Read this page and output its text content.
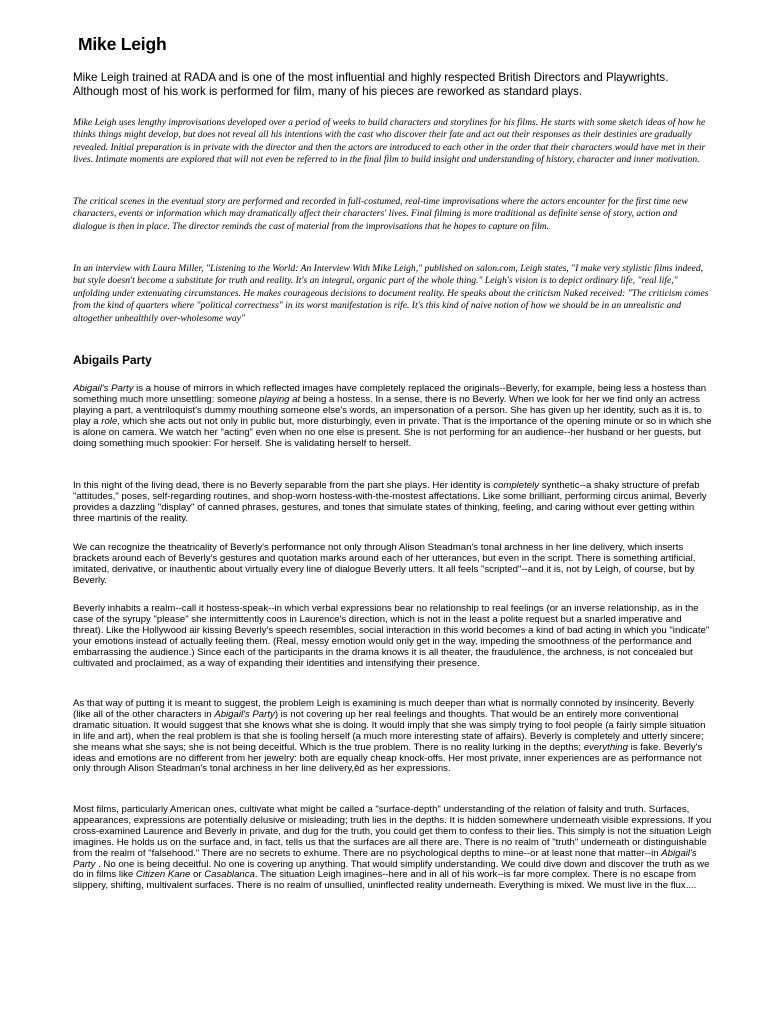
Mike Leigh

Mike Leigh trained at RADA and is one of the most influential and highly respected British Directors and Playwrights. Although most of his work is performed for film, many of his pieces are reworked as standard plays.

Mike Leigh uses lengthy improvisations developed over a period of weeks to build characters and storylines for his films. He starts with some sketch ideas of how he thinks things might develop, but does not reveal all his intentions with the cast who discover their fate and act out their responses as their destinies are gradually revealed. Initial preparation is in private with the director and then the actors are introduced to each other in the order that their characters would have met in their lives. Intimate moments are explored that will not even be referred to in the final film to build insight and understanding of history, character and inner motivation.

The critical scenes in the eventual story are performed and recorded in full-costumed, real-time improvisations where the actors encounter for the first time new characters, events or information which may dramatically affect their characters' lives. Final filming is more traditional as definite sense of story, action and dialogue is then in place. The director reminds the cast of material from the improvisations that he hopes to capture on film.

In an interview with Laura Miller, "Listening to the World: An Interview With Mike Leigh," published on salon.com, Leigh states, "I make very stylistic films indeed, but style doesn't become a substitute for truth and reality. It's an integral, organic part of the whole thing." Leigh's vision is to depict ordinary life, "real life," unfolding under extenuating circumstances. He makes courageous decisions to document reality. He speaks about the criticism Naked received: "The criticism comes from the kind of quarters where "political correctness" in its worst manifestation is rife. It's this kind of naive notion of how we should be in an unrealistic and altogether unhealthily over-wholesome way"

Abigails Party

Abigail's Party is a house of mirrors in which reflected images have completely replaced the originals--Beverly, for example, being less a hostess than something much more unsettling: someone playing at being a hostess. In a sense, there is no Beverly. When we look for her we find only an actress playing a part, a ventriloquist's dummy mouthing someone else's words, an impersonation of a person. She has given up her identity, such as it is, to play a role, which she acts out not only in public but, more disturbingly, even in private. That is the importance of the opening minute or so in which she is alone on camera. We watch her "acting" even when no one else is present. She is not performing for an audience--her husband or her guests, but doing something much spookier: For herself. She is validating herself to herself.

In this night of the living dead, there is no Beverly separable from the part she plays. Her identity is completely synthetic--a shaky structure of prefab "attitudes," poses, self-regarding routines, and shop-worn hostess-with-the-mostest affectations. Like some brilliant, performing circus animal, Beverly provides a dazzling "display" of canned phrases, gestures, and tones that simulate states of thinking, feeling, and caring without ever getting within three martinis of the reality.

We can recognize the theatricality of Beverly's performance not only through Alison Steadman's tonal archness in her line delivery, which inserts brackets around each of Beverly's gestures and quotation marks around each of her utterances, but even in the script. There is something artificial, imitated, derivative, or inauthentic about virtually every line of dialogue Beverly utters. It all feels "scripted"--and it is, not by Leigh, of course, but by Beverly.

Beverly inhabits a realm--call it hostess-speak--in which verbal expressions bear no relationship to real feelings (or an inverse relationship, as in the case of the syrupy "please" she intermittently coos in Laurence's direction, which is not in the least a polite request but a snarled imperative and threat). Like the Hollywood air kissing Beverly's speech resembles, social interaction in this world becomes a kind of bad acting in which you "indicate" your emotions instead of actually feeling them. (Real, messy emotion would only get in the way, impeding the smoothness of the performance and embarrassing the audience.) Since each of the participants in the drama knows it is all theater, the fraudulence, the archness, is not concealed but cultivated and proclaimed, as a way of expanding their identities and intensifying their presence.

As that way of putting it is meant to suggest, the problem Leigh is examining is much deeper than what is normally connoted by insincerity. Beverly (like all of the other characters in Abigail's Party) is not covering up her real feelings and thoughts. That would be an entirely more conventional dramatic situation. It would suggest that she knows what she is doing. It would imply that she was simply trying to fool people (a fairly simple situation in life and art), when the real problem is that she is fooling herself (a much more interesting state of affairs). Beverly is completely and utterly sincere; she means what she says; she is not being deceitful. Which is the true problem. There is no reality lurking in the depths; everything is fake. Beverly's ideas and emotions are no different from her jewelry: both are equally cheap knock-offs. Her most private, inner experiences are as performance not only through Alison Steadman's tonal archness in her line delivery,ěd as her expressions.

Most films, particularly American ones, cultivate what might be called a "surface-depth" understanding of the relation of falsity and truth. Surfaces, appearances, expressions are potentially delusive or misleading; truth lies in the depths. It is hidden somewhere underneath visible expressions. If you cross-examined Laurence and Beverly in private, and dug for the truth, you could get them to confess to their lies. This simply is not the situation Leigh imagines. He holds us on the surface and, in fact, tells us that the surfaces are all there are. There is no realm of "truth" underneath or distinguishable from the realm of "falsehood." There are no secrets to exhume. There are no psychological depths to mine--or at least none that matter--in Abigail's Party . No one is being deceitful. No one is covering up anything. That would simplify understanding. We could dive down and discover the truth as we do in films like Citizen Kane or Casablanca. The situation Leigh imagines--here and in all of his work--is far more complex. There is no escape from slippery, shifting, multivalent surfaces. There is no realm of unsullied, uninflected reality underneath. Everything is mixed. We must live in the flux....
